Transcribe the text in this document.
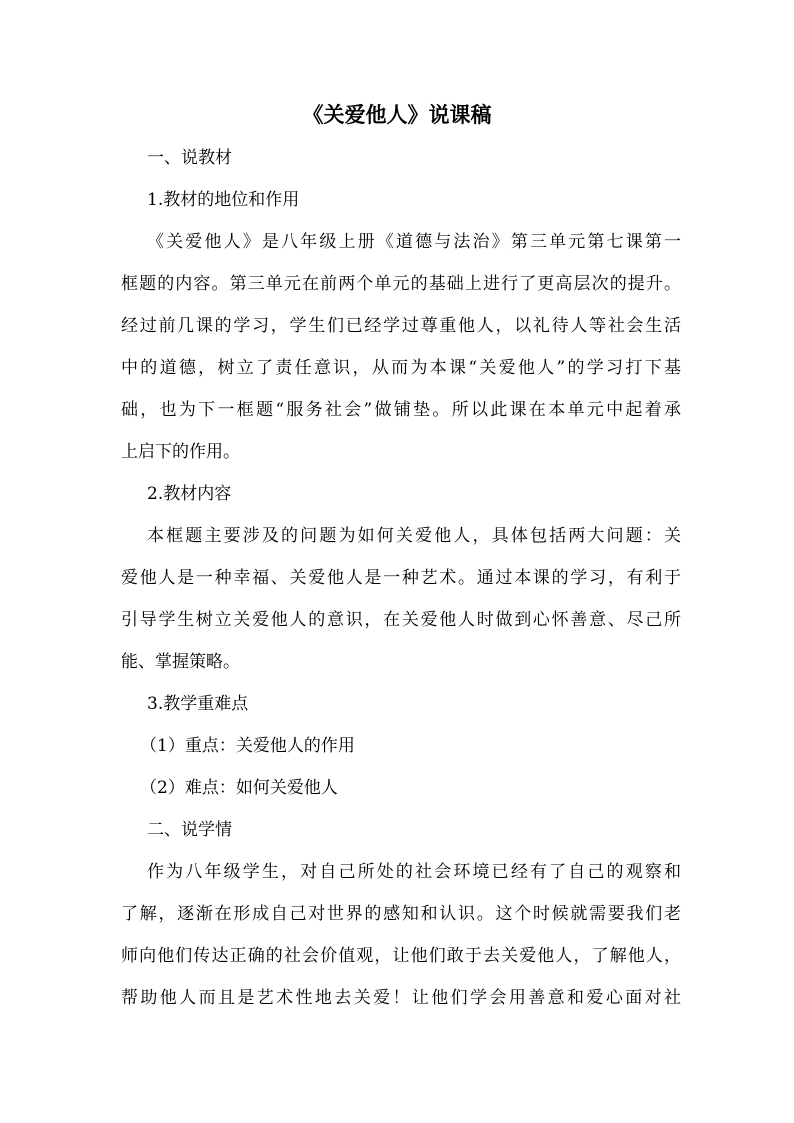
《关爱他人》说课稿
一、说教材
1.教材的地位和作用
《关爱他人》是八年级上册《道德与法治》第三单元第七课第一
框题的内容。第三单元在前两个单元的基础上进行了更高层次的提升。
经过前几课的学习，学生们已经学过尊重他人，以礼待人等社会生活
中的道德，树立了责任意识，从而为本课“关爱他人”的学习打下基
础，也为下一框题“服务社会”做铺垫。所以此课在本单元中起着承
上启下的作用。
2.教材内容
本框题主要涉及的问题为如何关爱他人，具体包括两大问题：关
爱他人是一种幸福、关爱他人是一种艺术。通过本课的学习，有利于
引导学生树立关爱他人的意识，在关爱他人时做到心怀善意、尽己所
能、掌握策略。
3.教学重难点
（1）重点：关爱他人的作用
（2）难点：如何关爱他人
二、说学情
作为八年级学生，对自己所处的社会环境已经有了自己的观察和
了解，逐渐在形成自己对世界的感知和认识。这个时候就需要我们老
师向他们传达正确的社会价值观，让他们敢于去关爱他人，了解他人，
帮助他人而且是艺术性地去关爱！让他们学会用善意和爱心面对社
